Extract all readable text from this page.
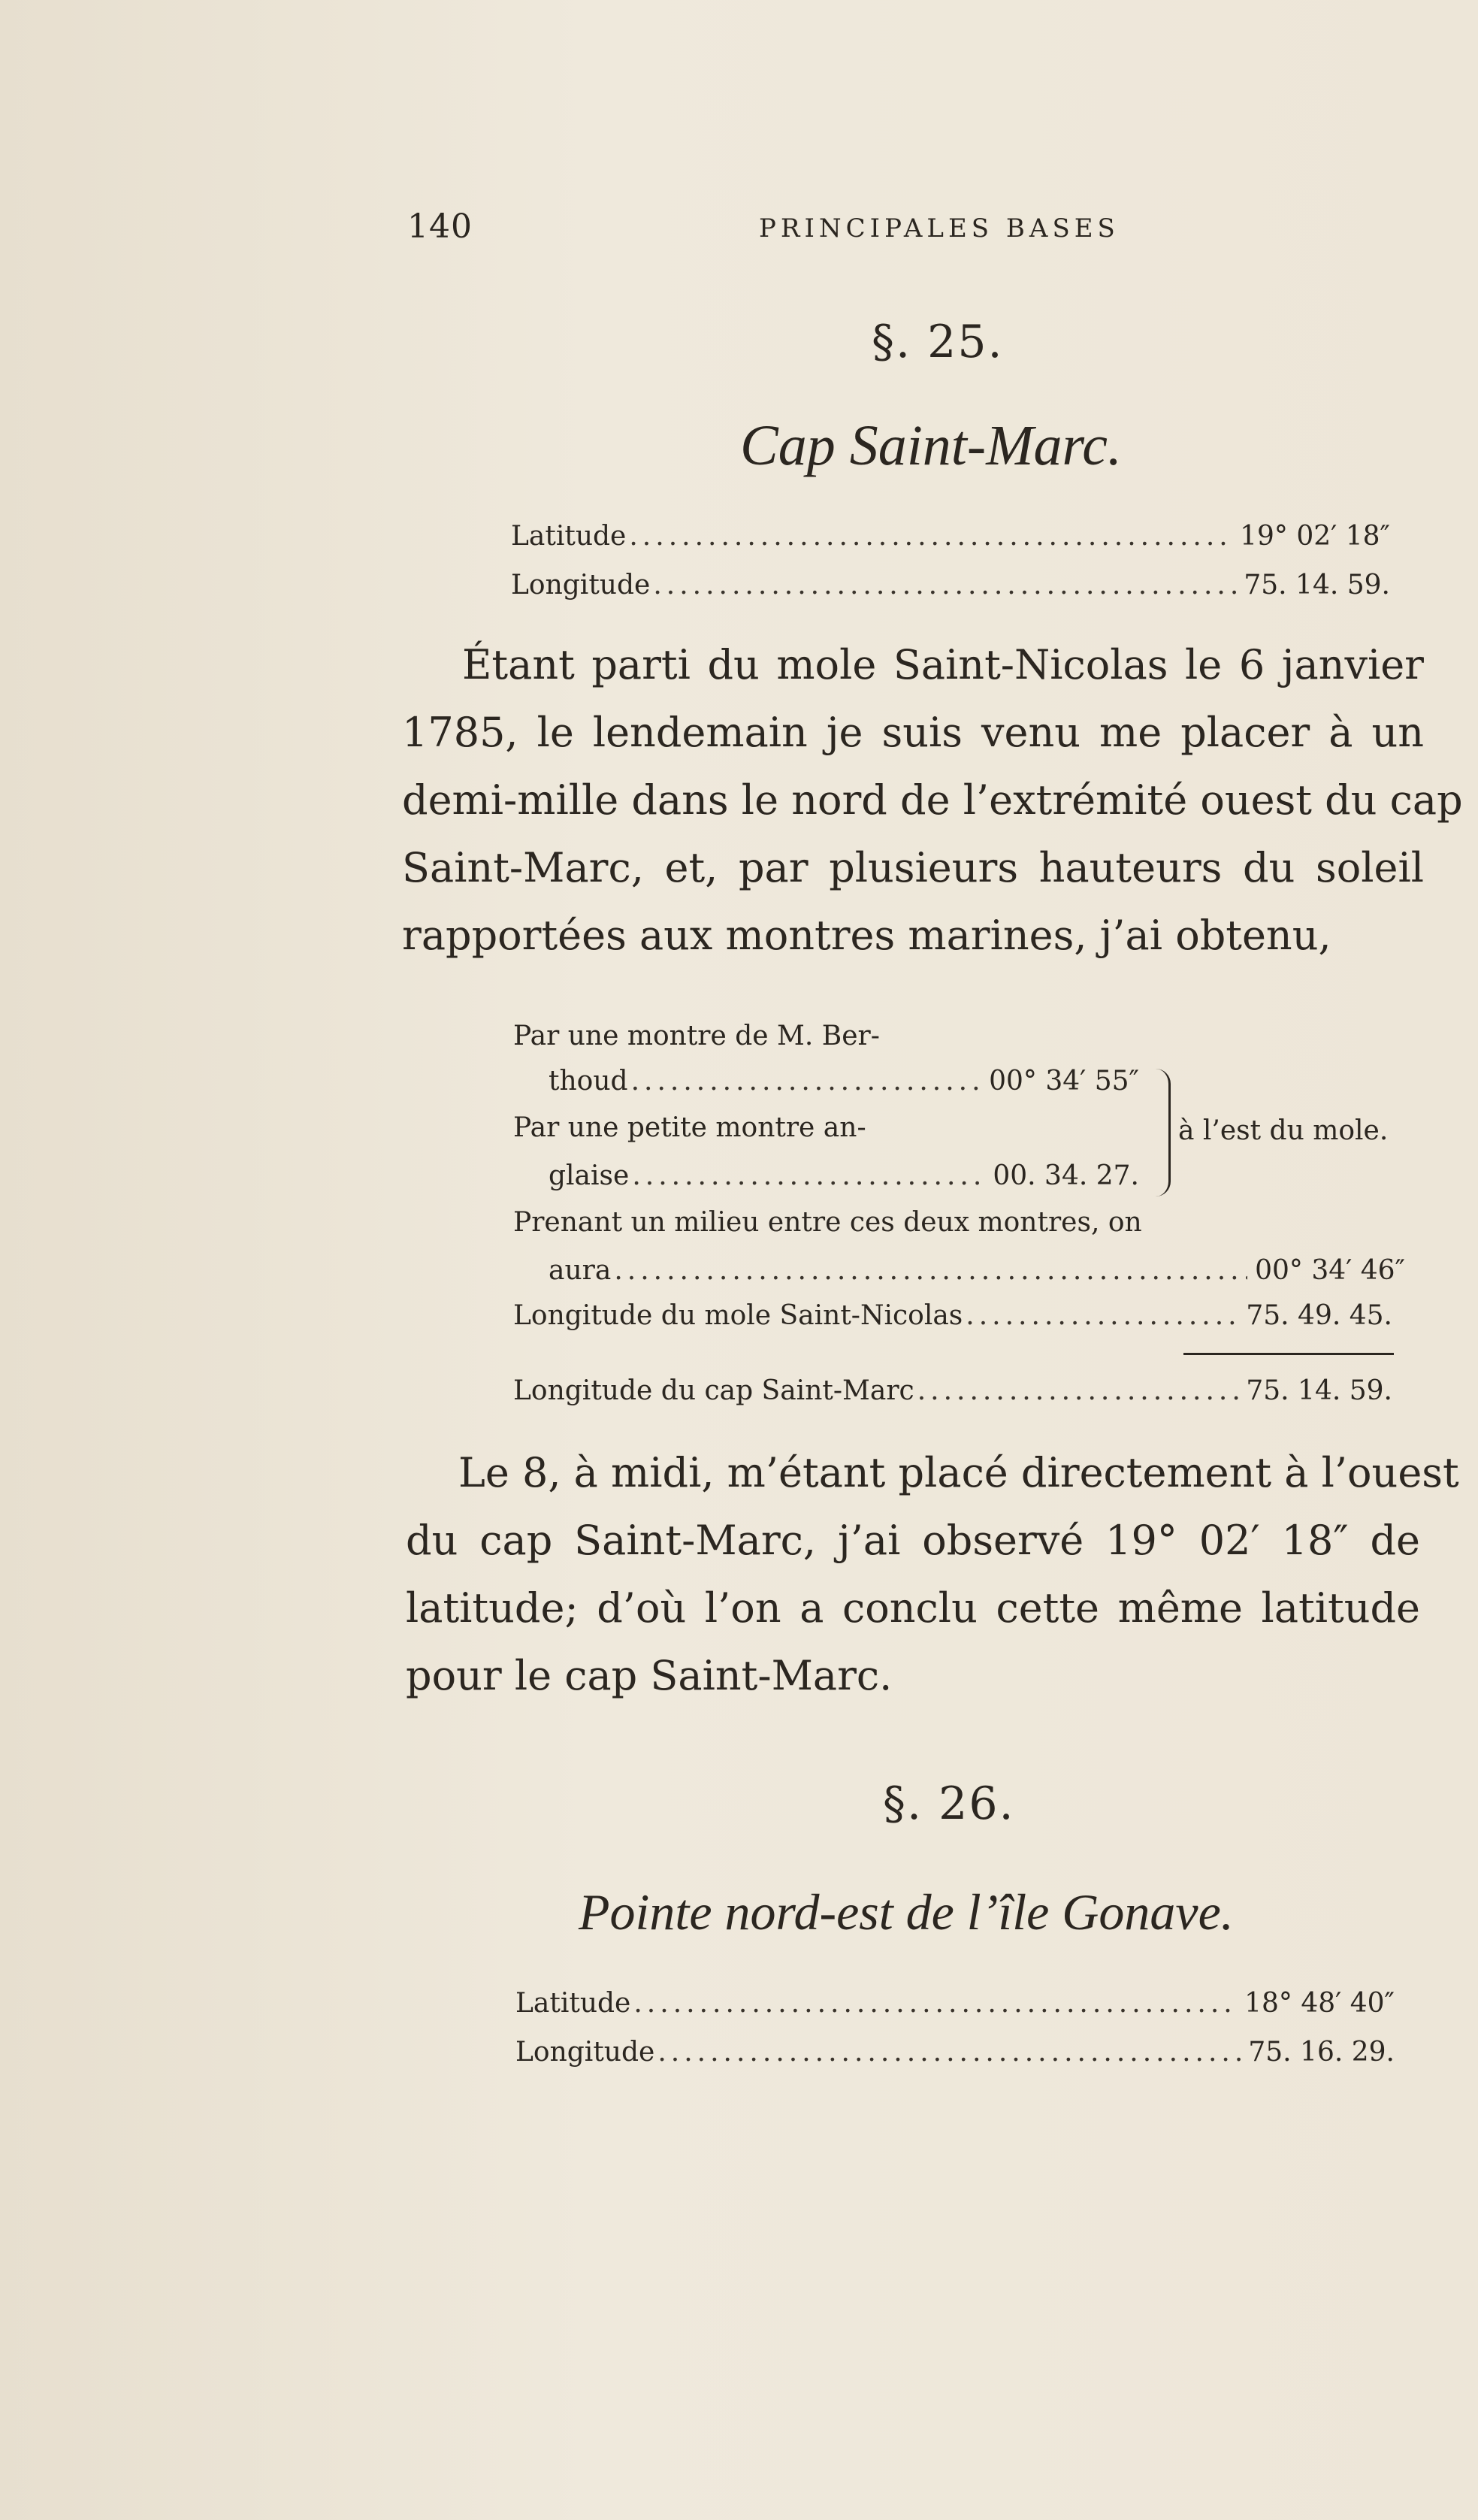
140	PRINCIPALES BASES
§. 25.
Cap Saint-Marc.
Latitude .....	19° 02′ 18″
Longitude .....	75. 14. 59.
Étant parti du mole Saint-Nicolas le 6 janvier
1785, le lendemain je suis venu me placer à un
demi-mille dans le nord de l’extrémité ouest du cap
Saint-Marc, et, par plusieurs hauteurs du soleil
rapportées aux montres marines, j’ai obtenu,
Par une montre de M. Ber-
thoud .....	00° 34′ 55″
Par une petite montre an-
glaise .....	00. 34. 27.
à l’est du mole.
Prenant un milieu entre ces deux montres, on
aura .....	00° 34′ 46″
Longitude du mole Saint-Nicolas .....	75. 49. 45.
Longitude du cap Saint-Marc .....	75. 14. 59.
Le 8, à midi, m’étant placé directement à l’ouest
du cap Saint-Marc, j’ai observé 19° 02′ 18″ de
latitude; d’où l’on a conclu cette même latitude
pour le cap Saint-Marc.
§. 26.
Pointe nord-est de l’île Gonave.
Latitude .....	18° 48′ 40″
Longitude .....	75. 16. 29.
